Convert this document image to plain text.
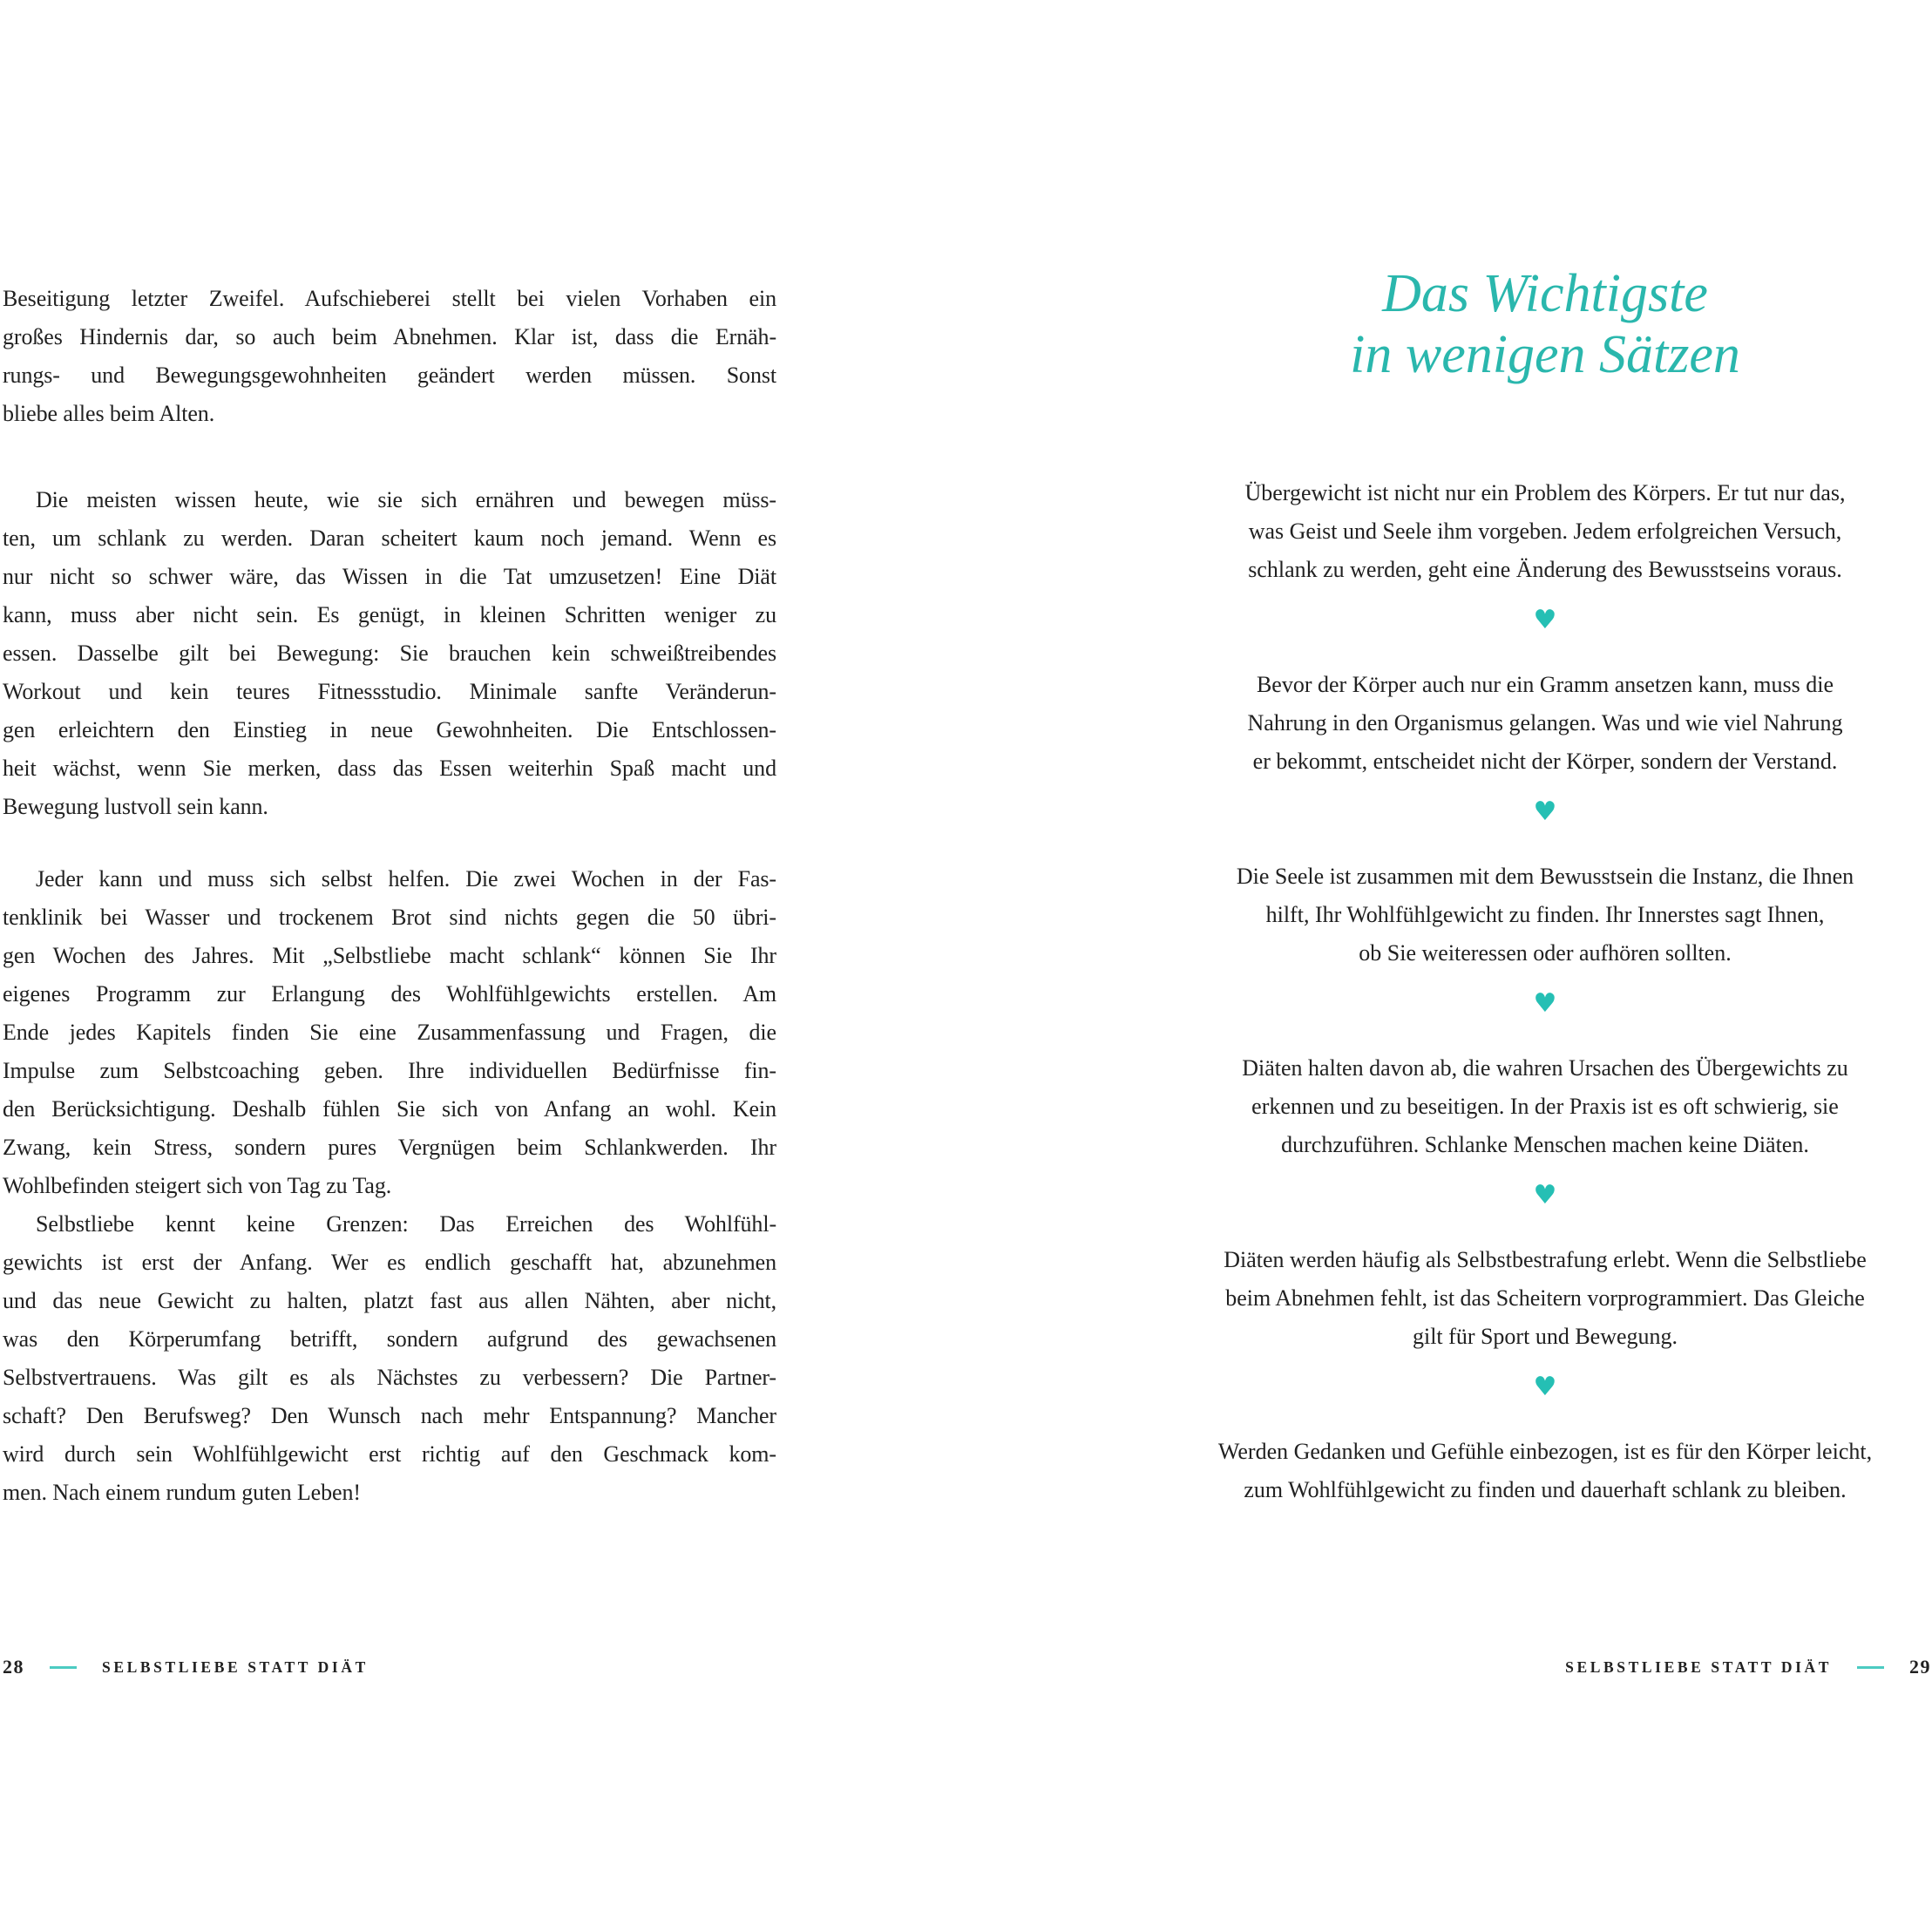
Beseitigung letzter Zweifel. Aufschieberei stellt bei vielen Vorhaben ein
großes Hindernis dar, so auch beim Abnehmen. Klar ist, dass die Ernäh-
rungs- und Bewegungsgewohnheiten geändert werden müssen. Sonst
bliebe alles beim Alten.
Die meisten wissen heute, wie sie sich ernähren und bewegen müss-
ten, um schlank zu werden. Daran scheitert kaum noch jemand. Wenn es
nur nicht so schwer wäre, das Wissen in die Tat umzusetzen! Eine Diät
kann, muss aber nicht sein. Es genügt, in kleinen Schritten weniger zu
essen. Dasselbe gilt bei Bewegung: Sie brauchen kein schweißtreibendes
Workout und kein teures Fitnessstudio. Minimale sanfte Veränderun-
gen erleichtern den Einstieg in neue Gewohnheiten. Die Entschlossen-
heit wächst, wenn Sie merken, dass das Essen weiterhin Spaß macht und
Bewegung lustvoll sein kann.
Jeder kann und muss sich selbst helfen. Die zwei Wochen in der Fas-
tenklinik bei Wasser und trockenem Brot sind nichts gegen die 50 übri-
gen Wochen des Jahres. Mit „Selbstliebe macht schlank“ können Sie Ihr
eigenes Programm zur Erlangung des Wohlfühlgewichts erstellen. Am
Ende jedes Kapitels finden Sie eine Zusammenfassung und Fragen, die
Impulse zum Selbstcoaching geben. Ihre individuellen Bedürfnisse fin-
den Berücksichtigung. Deshalb fühlen Sie sich von Anfang an wohl. Kein
Zwang, kein Stress, sondern pures Vergnügen beim Schlankwerden. Ihr
Wohlbefinden steigert sich von Tag zu Tag.
Selbstliebe kennt keine Grenzen: Das Erreichen des Wohlfühl-
gewichts ist erst der Anfang. Wer es endlich geschafft hat, abzunehmen
und das neue Gewicht zu halten, platzt fast aus allen Nähten, aber nicht,
was den Körperumfang betrifft, sondern aufgrund des gewachsenen
Selbstvertrauens. Was gilt es als Nächstes zu verbessern? Die Partner-
schaft? Den Berufsweg? Den Wunsch nach mehr Entspannung? Mancher
wird durch sein Wohlfühlgewicht erst richtig auf den Geschmack kom-
men. Nach einem rundum guten Leben!
28	SELBSTLIEBE STATT DIÄT
Das Wichtigste
in wenigen Sätzen
Übergewicht ist nicht nur ein Problem des Körpers. Er tut nur das,
was Geist und Seele ihm vorgeben. Jedem erfolgreichen Versuch,
schlank zu werden, geht eine Änderung des Bewusstseins voraus.
♥
Bevor der Körper auch nur ein Gramm ansetzen kann, muss die
Nahrung in den Organismus gelangen. Was und wie viel Nahrung
er bekommt, entscheidet nicht der Körper, sondern der Verstand.
♥
Die Seele ist zusammen mit dem Bewusstsein die Instanz, die Ihnen
hilft, Ihr Wohlfühlgewicht zu finden. Ihr Innerstes sagt Ihnen,
ob Sie weiteressen oder aufhören sollten.
♥
Diäten halten davon ab, die wahren Ursachen des Übergewichts zu
erkennen und zu beseitigen. In der Praxis ist es oft schwierig, sie
durchzuführen. Schlanke Menschen machen keine Diäten.
♥
Diäten werden häufig als Selbstbestrafung erlebt. Wenn die Selbstliebe
beim Abnehmen fehlt, ist das Scheitern vorprogrammiert. Das Gleiche
gilt für Sport und Bewegung.
♥
Werden Gedanken und Gefühle einbezogen, ist es für den Körper leicht,
zum Wohlfühlgewicht zu finden und dauerhaft schlank zu bleiben.
SELBSTLIEBE STATT DIÄT	29
